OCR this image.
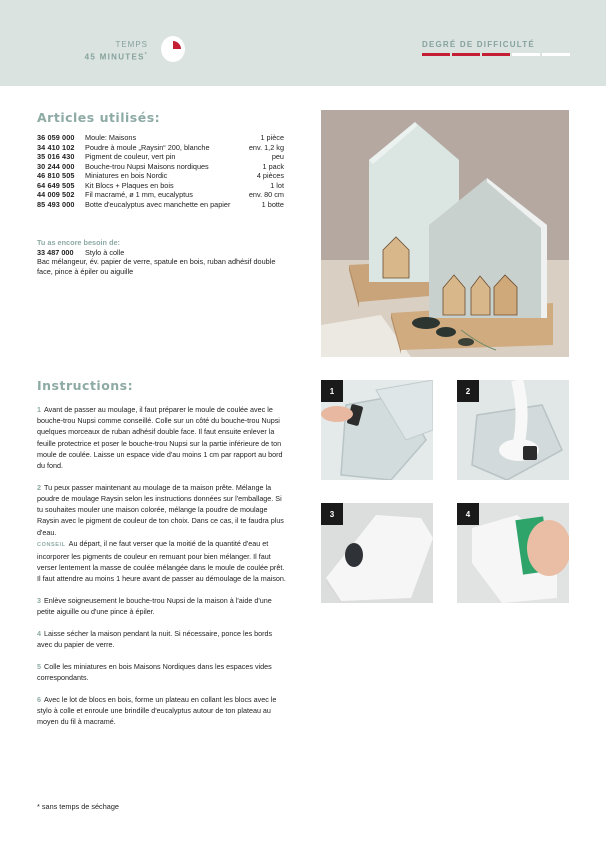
TEMPS
45 MINUTES*
DEGRÉ DE DIFFICULTÉ
Articles utilisés:
36 059 000	Moule: Maisons	1 pièce
34 410 102	Poudre à moule „Raysin“ 200, blanche	env. 1,2 kg
35 016 430	Pigment de couleur, vert pin	peu
30 244 000	Bouche-trou Nupsi Maisons nordiques	1 pack
46 810 505	Miniatures en bois Nordic	4 pièces
64 649 505	Kit Blocs + Plaques en bois	1 lot
44 009 502	Fil macramé, ø 1 mm, eucalyptus	env. 80 cm
85 493 000	Botte d'eucalyptus avec manchette en papier	1 botte
Tu as encore besoin de:
33 487 000 Stylo à colle
Bac mélangeur, év. papier de verre, spatule en bois, ruban adhésif double face, pince à épiler ou aiguille
Instructions:

1 Avant de passer au moulage, il faut préparer le moule de coulée avec le bouche-trou Nupsi comme conseillé. Colle sur un côté du bouche-trou Nupsi quelques morceaux de ruban adhésif double face. Il faut ensuite enlever la feuille protectrice et poser le bouche-trou Nupsi sur la partie inférieure de ton moule de coulée. Laisse un espace vide d'au moins 1 cm par rapport au bord du fond.

2 Tu peux passer maintenant au moulage de ta maison prête. Mélange la poudre de moulage Raysin selon les instructions données sur l'emballage. Si tu souhaites mouler une maison colorée, mélange la poudre de moulage Raysin avec le pigment de couleur de ton choix. Dans ce cas, il te faudra plus d'eau.

CONSEIL Au départ, il ne faut verser que la moitié de la quantité d'eau et incorporer les pigments de couleur en remuant pour bien mélanger. Il faut verser lentement la masse de coulée mélangée dans le moule de coulée prêt. Il faut attendre au moins 1 heure avant de passer au démoulage de la maison.

3 Enlève soigneusement le bouche-trou Nupsi de la maison à l'aide d'une petite aiguille ou d'une pince à épiler.

4 Laisse sécher la maison pendant la nuit. Si nécessaire, ponce les bords avec du papier de verre.

5 Colle les miniatures en bois Maisons Nordiques dans les espaces vides correspondants.

6 Avec le lot de blocs en bois, forme un plateau en collant les blocs avec le stylo à colle et enroule une brindille d'eucalyptus autour de ton plateau au moyen du fil à macramé.

* sans temps de séchage
1	2
3	4
